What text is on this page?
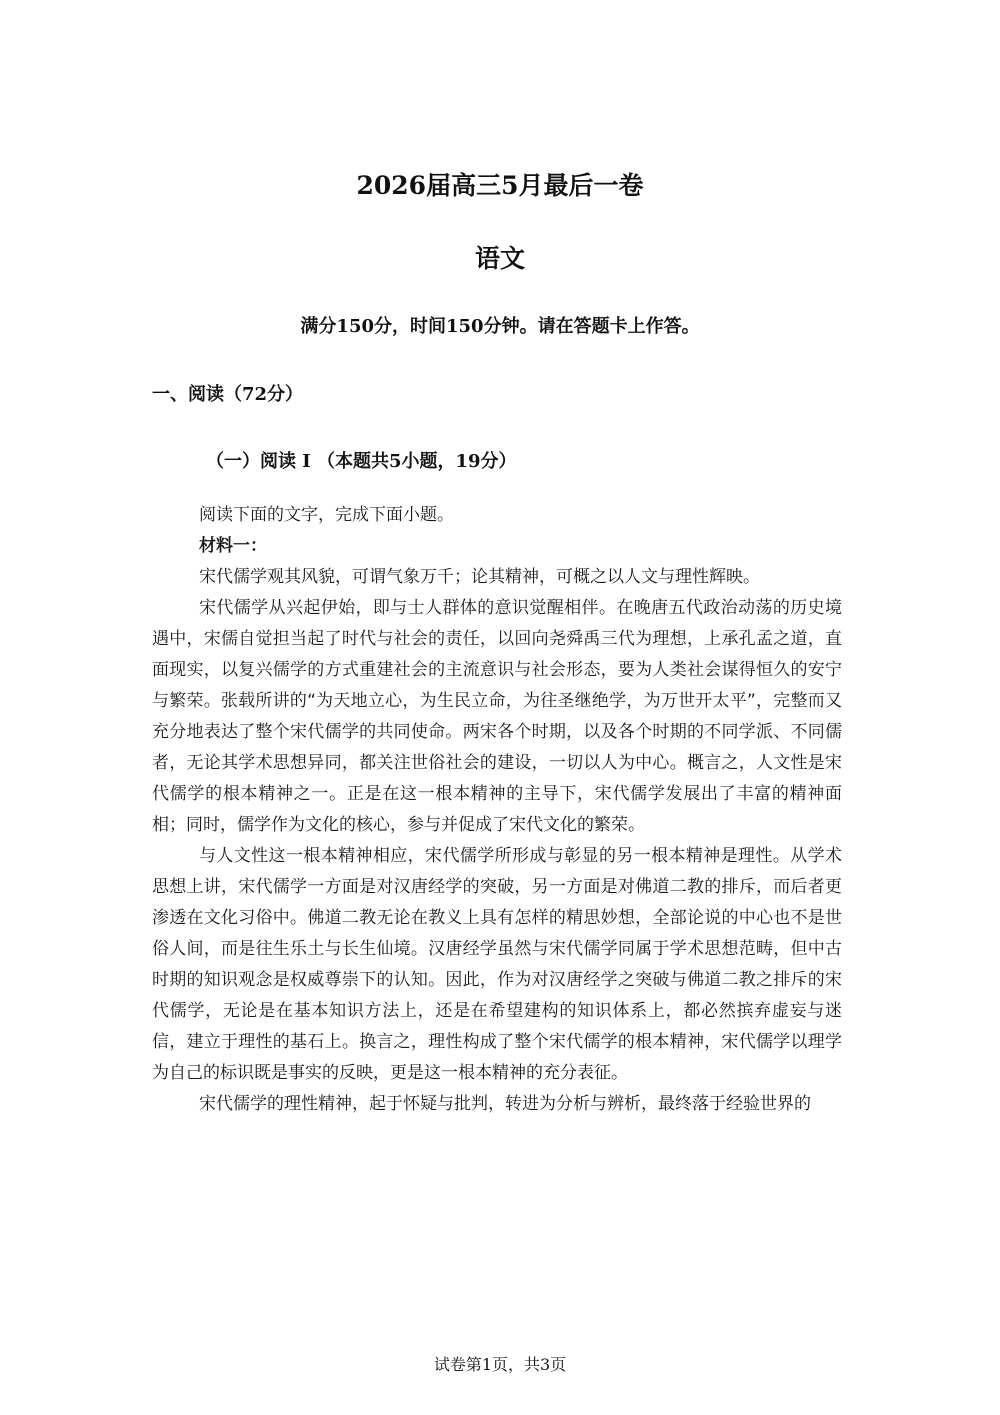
2026届高三5月最后一卷
语文
满分150分，时间150分钟。请在答题卡上作答。
一、阅读（72分）
（一）阅读 I （本题共5小题，19分）

阅读下面的文字，完成下面小题。

材料一：

宋代儒学观其风貌，可谓气象万千；论其精神，可概之以人文与理性辉映。

宋代儒学从兴起伊始，即与士人群体的意识觉醒相伴。在晚唐五代政治动荡的历史境遇中，宋儒自觉担当起了时代与社会的责任，以回向尧舜禹三代为理想，上承孔孟之道，直面现实，以复兴儒学的方式重建社会的主流意识与社会形态，要为人类社会谋得恒久的安宁与繁荣。张载所讲的“为天地立心，为生民立命，为往圣继绝学，为万世开太平”，完整而又充分地表达了整个宋代儒学的共同使命。两宋各个时期，以及各个时期的不同学派、不同儒者，无论其学术思想异同，都关注世俗社会的建设，一切以人为中心。概言之，人文性是宋代儒学的根本精神之一。正是在这一根本精神的主导下，宋代儒学发展出了丰富的精神面相；同时，儒学作为文化的核心，参与并促成了宋代文化的繁荣。

与人文性这一根本精神相应，宋代儒学所形成与彰显的另一根本精神是理性。从学术思想上讲，宋代儒学一方面是对汉唐经学的突破，另一方面是对佛道二教的排斥，而后者更渗透在文化习俗中。佛道二教无论在教义上具有怎样的精思妙想，全部论说的中心也不是世俗人间，而是往生乐土与长生仙境。汉唐经学虽然与宋代儒学同属于学术思想范畴，但中古时期的知识观念是权威尊崇下的认知。因此，作为对汉唐经学之突破与佛道二教之排斥的宋代儒学，无论是在基本知识方法上，还是在希望建构的知识体系上，都必然摈弃虚妄与迷信，建立于理性的基石上。换言之，理性构成了整个宋代儒学的根本精神，宋代儒学以理学为自己的标识既是事实的反映，更是这一根本精神的充分表征。

宋代儒学的理性精神，起于怀疑与批判，转进为分析与辨析，最终落于经验世界的

试卷第1页，共3页
